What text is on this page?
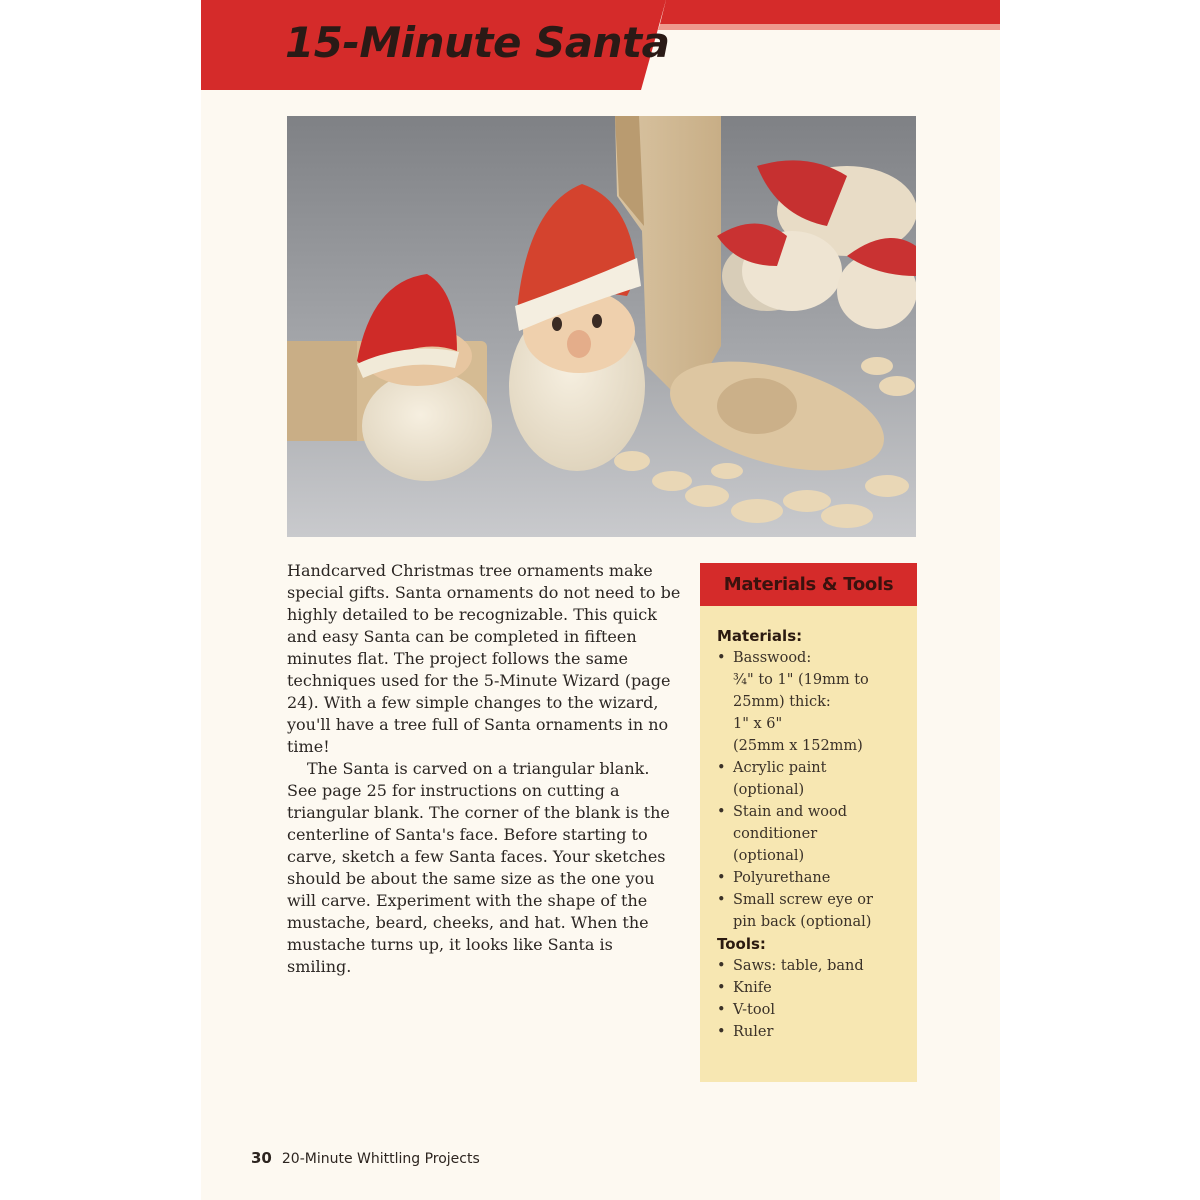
15-Minute Santa

Handcarved Christmas tree ornaments make special gifts. Santa ornaments do not need to be highly detailed to be recognizable. This quick and easy Santa can be completed in fifteen minutes flat. The project follows the same techniques used for the 5-Minute Wizard (page 24). With a few simple changes to the wizard, you'll have a tree full of Santa ornaments in no time!

The Santa is carved on a triangular blank. See page 25 for instructions on cutting a triangular blank. The corner of the blank is the centerline of Santa's face. Before starting to carve, sketch a few Santa faces. Your sketches should be about the same size as the one you will carve. Experiment with the shape of the mustache, beard, cheeks, and hat. When the mustache turns up, it looks like Santa is smiling.

Materials & Tools

Materials:

• Basswood:
¾" to 1" (19mm to
25mm) thick:
1" x 6"
(25mm x 152mm)
• Acrylic paint
(optional)
• Stain and wood
conditioner
(optional)
• Polyurethane
• Small screw eye or
pin back (optional)

Tools:

• Saws: table, band
• Knife
• V-tool
• Ruler
30 20-Minute Whittling Projects
